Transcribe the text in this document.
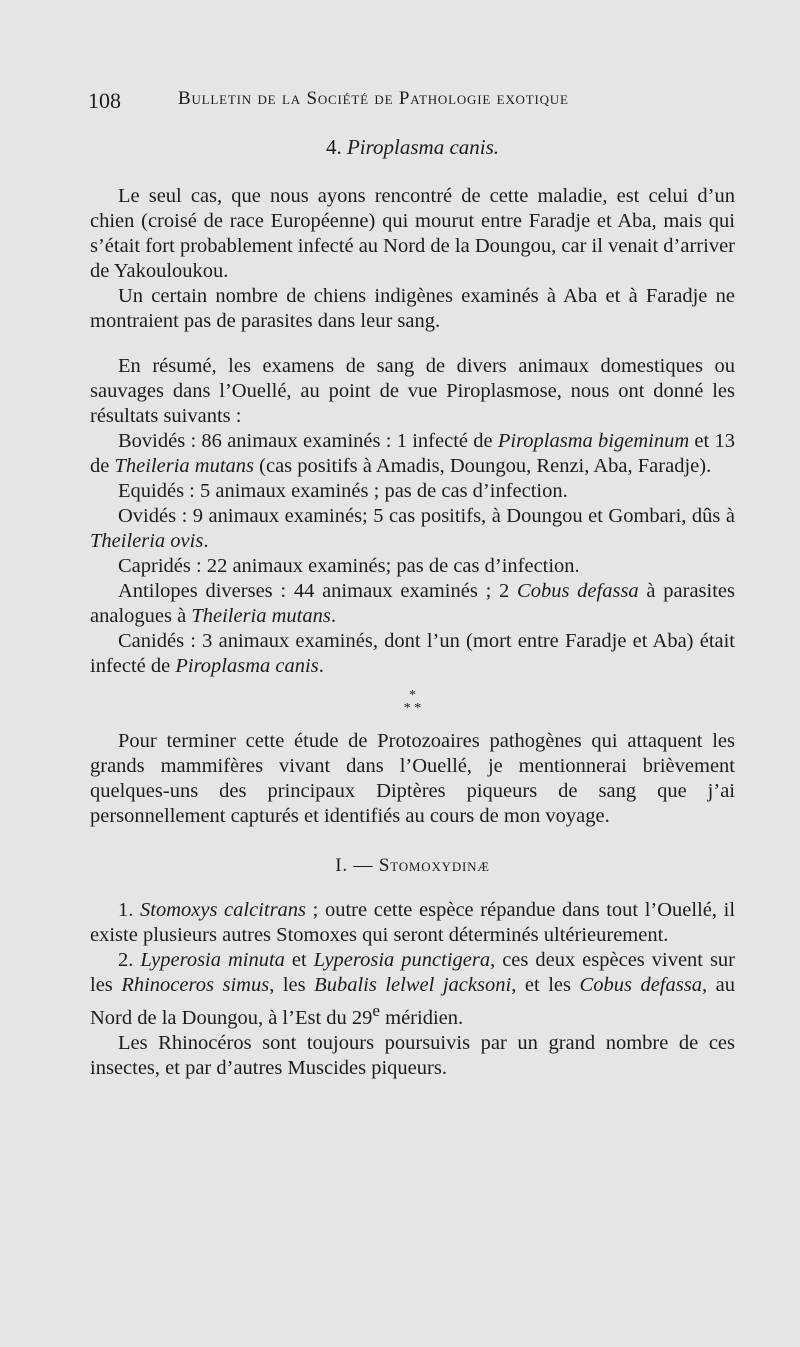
108	Bulletin de la Société de Pathologie exotique
4. Piroplasma canis.

Le seul cas, que nous ayons rencontré de cette maladie, est celui d’un chien (croisé de race Européenne) qui mourut entre Faradje et Aba, mais qui s’était fort probablement infecté au Nord de la Doungou, car il venait d’arriver de Yakouloukou.

Un certain nombre de chiens indigènes examinés à Aba et à Faradje ne montraient pas de parasites dans leur sang.

En résumé, les examens de sang de divers animaux domestiques ou sauvages dans l’Ouellé, au point de vue Piroplasmose, nous ont donné les résultats suivants :

Bovidés : 86 animaux examinés : 1 infecté de Piroplasma bigeminum et 13 de Theileria mutans (cas positifs à Amadis, Doungou, Renzi, Aba, Faradje).

Equidés : 5 animaux examinés ; pas de cas d’infection.

Ovidés : 9 animaux examinés; 5 cas positifs, à Doungou et Gombari, dûs à Theileria ovis.

Capridés : 22 animaux examinés; pas de cas d’infection.

Antilopes diverses : 44 animaux examinés ; 2 Cobus defassa à parasites analogues à Theileria mutans.

Canidés : 3 animaux examinés, dont l’un (mort entre Faradje et Aba) était infecté de Piroplasma canis.

*
* *

Pour terminer cette étude de Protozoaires pathogènes qui attaquent les grands mammifères vivant dans l’Ouellé, je mentionnerai brièvement quelques-uns des principaux Diptères piqueurs de sang que j’ai personnellement capturés et identifiés au cours de mon voyage.

I. — Stomoxydinæ

1. Stomoxys calcitrans ; outre cette espèce répandue dans tout l’Ouellé, il existe plusieurs autres Stomoxes qui seront déterminés ultérieurement.

2. Lyperosia minuta et Lyperosia punctigera, ces deux espèces vivent sur les Rhinoceros simus, les Bubalis lelwel jacksoni, et les Cobus defassa, au Nord de la Doungou, à l’Est du 29e méridien.

Les Rhinocéros sont toujours poursuivis par un grand nombre de ces insectes, et par d’autres Muscides piqueurs.
